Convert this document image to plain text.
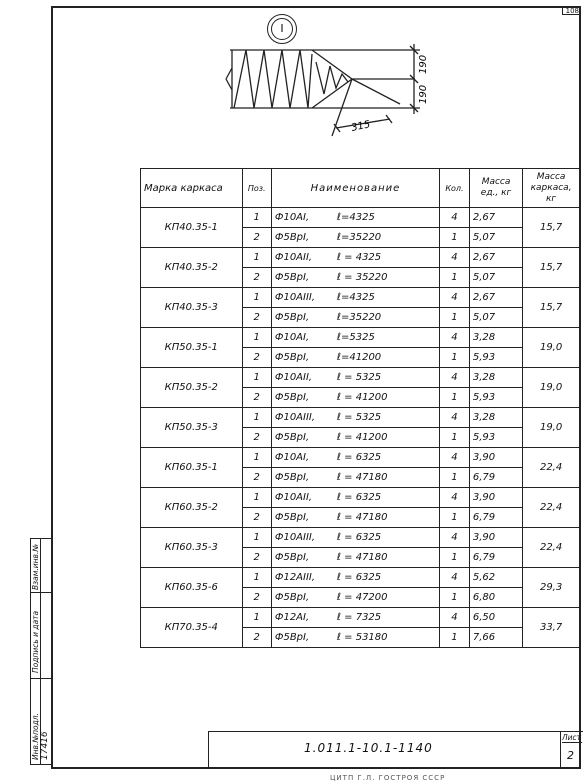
108
Взам.инв.№
Подпись и дата
Инв.№подл. 17416
I
190
190
315
Марка каркаса	Поз.	Наименование	Кол.	Масса ед., кг	Масса каркаса, кг
КП40.35-1	1	Ф10АI, ℓ=4325	4	2,67	15,7
	2	Ф5ВрI, ℓ=35220	1	5,07	
КП40.35-2	1	Ф10АII, ℓ = 4325	4	2,67	15,7
	2	Ф5ВрI, ℓ = 35220	1	5,07	
КП40.35-3	1	Ф10АIII, ℓ=4325	4	2,67	15,7
	2	Ф5ВрI, ℓ=35220	1	5,07	
КП50.35-1	1	Ф10АI, ℓ=5325	4	3,28	19,0
	2	Ф5ВрI, ℓ=41200	1	5,93	
КП50.35-2	1	Ф10АII, ℓ = 5325	4	3,28	19,0
	2	Ф5ВрI, ℓ = 41200	1	5,93	
КП50.35-3	1	Ф10АIII, ℓ = 5325	4	3,28	19,0
	2	Ф5ВрI, ℓ = 41200	1	5,93	
КП60.35-1	1	Ф10АI, ℓ = 6325	4	3,90	22,4
	2	Ф5ВрI, ℓ = 47180	1	6,79	
КП60.35-2	1	Ф10АII, ℓ = 6325	4	3,90	22,4
	2	Ф5ВрI, ℓ = 47180	1	6,79	
КП60.35-3	1	Ф10АIII, ℓ = 6325	4	3,90	22,4
	2	Ф5ВрI, ℓ = 47180	1	6,79	
КП60.35-6	1	Ф12АIII, ℓ = 6325	4	5,62	29,3
	2	Ф5ВрI, ℓ = 47200	1	6,80	
КП70.35-4	1	Ф12АI, ℓ = 7325	4	6,50	33,7
	2	Ф5ВрI, ℓ = 53180	1	7,66	
1.011.1-10.1-1140
Лист
2
ЦИТП Г.Л. ГОСТРОЯ СССР
